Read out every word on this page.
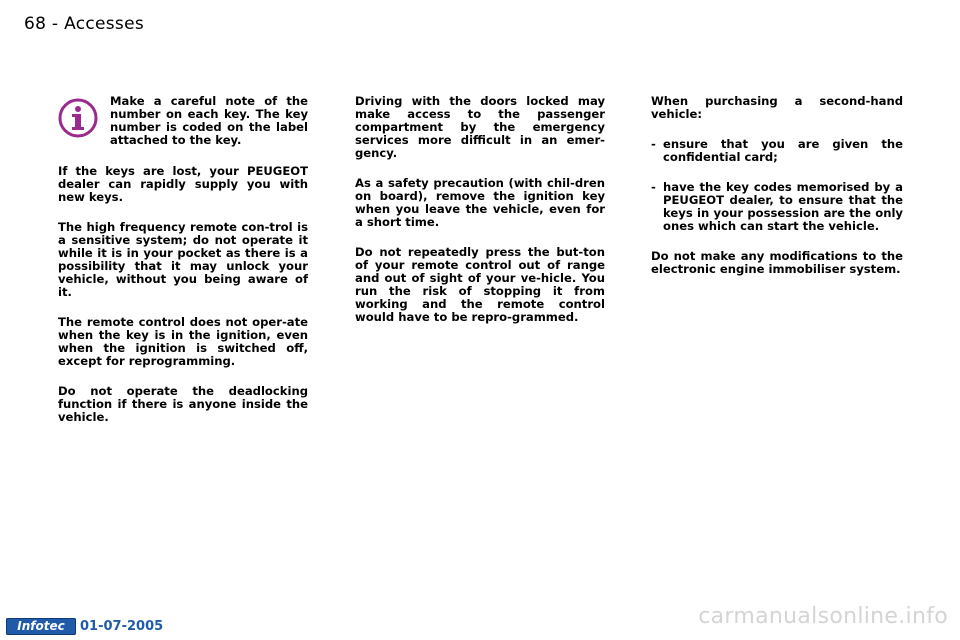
68 - Accesses
Make a careful note of the number on each key. The key number is coded on the label attached to the key.

If the keys are lost, your PEUGEOT dealer can rapidly supply you with new keys.

The high frequency remote con-trol is a sensitive system; do not operate it while it is in your pocket as there is a possibility that it may unlock your vehicle, without you being aware of it.

The remote control does not oper-ate when the key is in the ignition, even when the ignition is switched off, except for reprogramming.

Do not operate the deadlocking function if there is anyone inside the vehicle.

Driving with the doors locked may make access to the passenger compartment by the emergency services more difficult in an emer-gency.

As a safety precaution (with chil-dren on board), remove the ignition key when you leave the vehicle, even for a short time.

Do not repeatedly press the but-ton of your remote control out of range and out of sight of your ve-hicle. You run the risk of stopping it from working and the remote control would have to be repro-grammed.

When purchasing a second-hand vehicle:

- ensure that you are given the confidential card;
- have the key codes memorised by a PEUGEOT dealer, to ensure that the keys in your possession are the only ones which can start the vehicle.

Do not make any modifications to the electronic engine immobiliser system.

Infotec	01-07-2005	carmanualsonline.info
